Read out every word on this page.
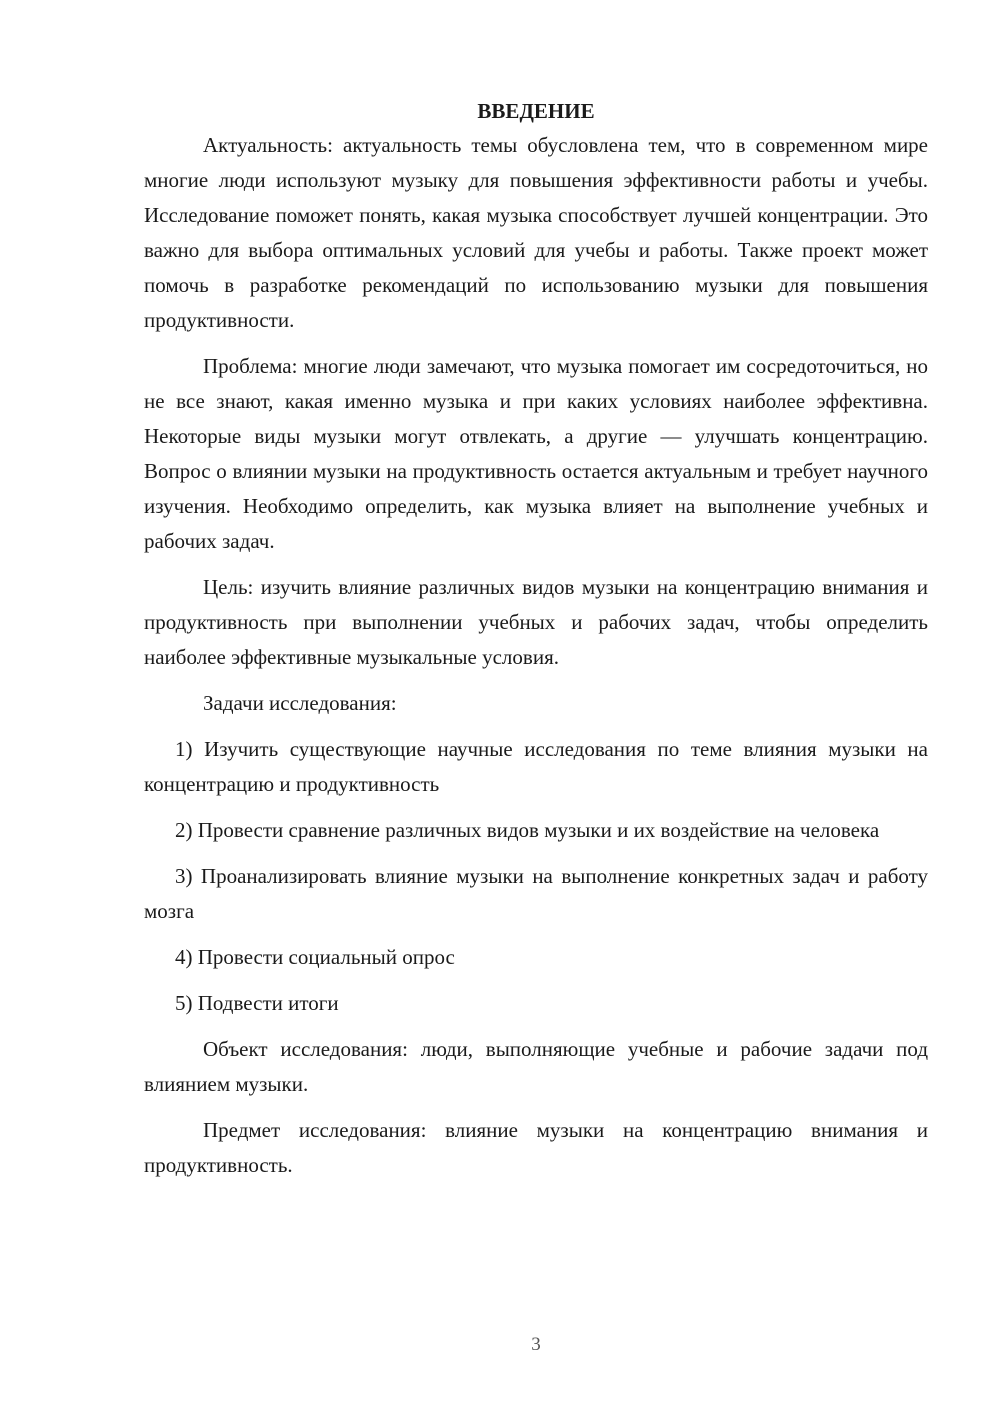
ВВЕДЕНИЕ

Актуальность: актуальность темы обусловлена тем, что в современном мире многие люди используют музыку для повышения эффективности работы и учебы. Исследование поможет понять, какая музыка способствует лучшей концентрации. Это важно для выбора оптимальных условий для учебы и работы. Также проект может помочь в разработке рекомендаций по использованию музыки для повышения продуктивности.

Проблема: многие люди замечают, что музыка помогает им сосредоточиться, но не все знают, какая именно музыка и при каких условиях наиболее эффективна. Некоторые виды музыки могут отвлекать, а другие — улучшать концентрацию. Вопрос о влиянии музыки на продуктивность остается актуальным и требует научного изучения. Необходимо определить, как музыка влияет на выполнение учебных и рабочих задач.

Цель: изучить влияние различных видов музыки на концентрацию внимания и продуктивность при выполнении учебных и рабочих задач, чтобы определить наиболее эффективные музыкальные условия.

Задачи исследования:

1) Изучить существующие научные исследования по теме влияния музыки на концентрацию и продуктивность

2) Провести сравнение различных видов музыки и их воздействие на человека

3) Проанализировать влияние музыки на выполнение конкретных задач и работу мозга

4) Провести социальный опрос

5) Подвести итоги

Объект исследования: люди, выполняющие учебные и рабочие задачи под влиянием музыки.

Предмет исследования: влияние музыки на концентрацию внимания и продуктивность.

3
